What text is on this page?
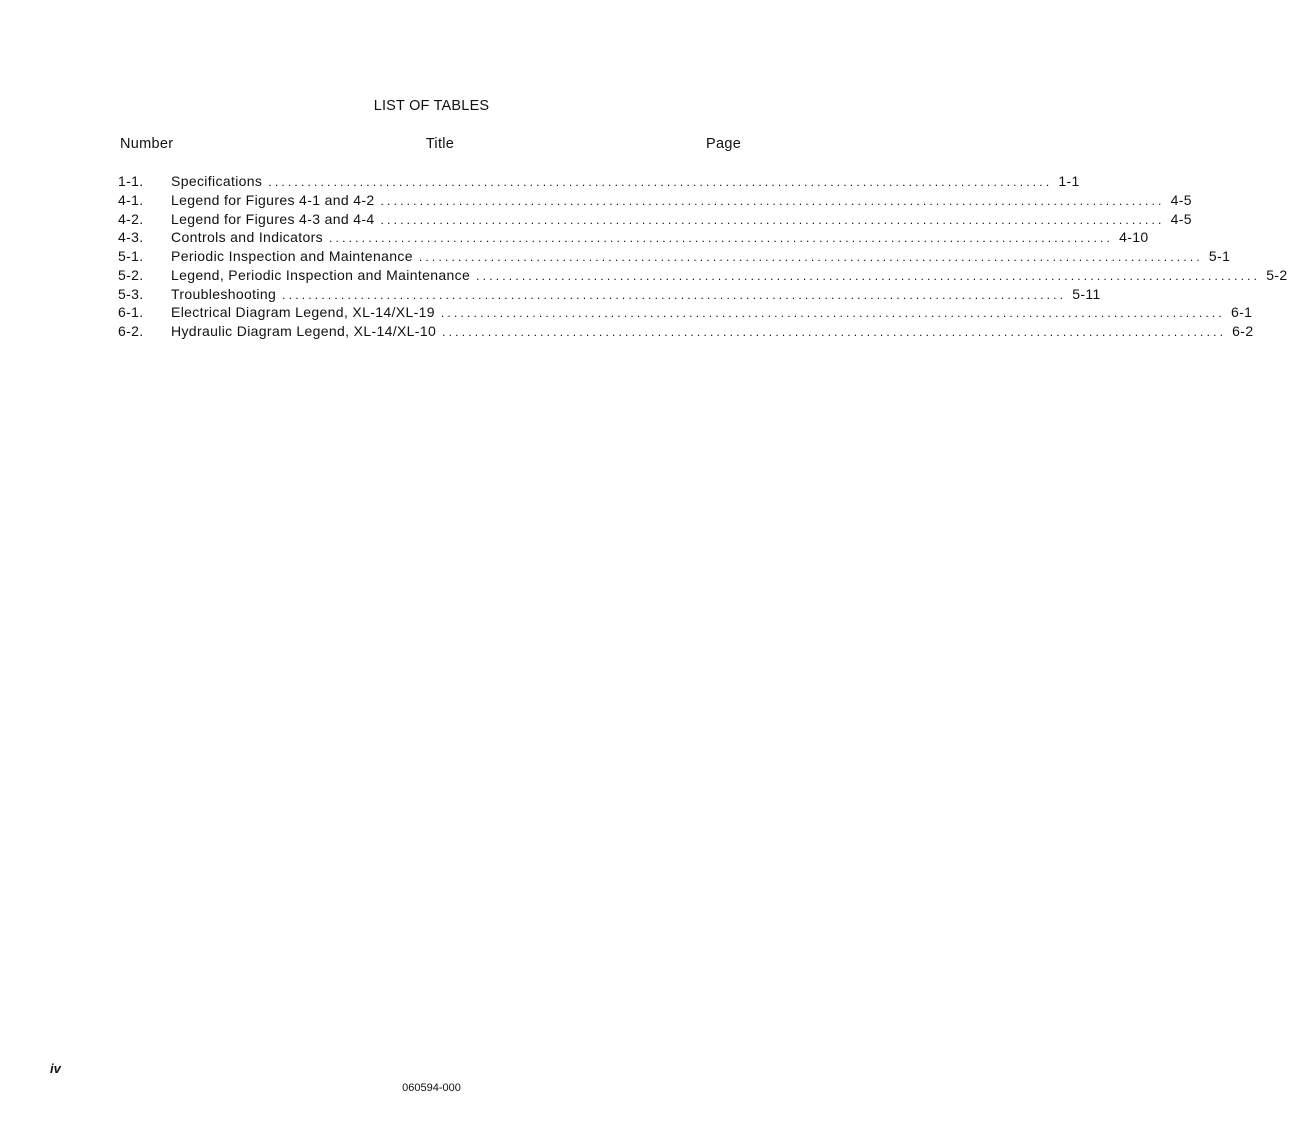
LIST OF TABLES
Number	Title	Page
1-1.	Specifications ........................................................................................................................ 1-1
4-1.	Legend for Figures 4-1 and 4-2 ........................................................................................................................ 4-5
4-2.	Legend for Figures 4-3 and 4-4 ........................................................................................................................ 4-5
4-3.	Controls and Indicators ........................................................................................................................ 4-10
5-1.	Periodic Inspection and Maintenance ........................................................................................................................ 5-1
5-2.	Legend, Periodic Inspection and Maintenance ........................................................................................................................ 5-2
5-3.	Troubleshooting ........................................................................................................................ 5-11
6-1.	Electrical Diagram Legend, XL-14/XL-19 ........................................................................................................................ 6-1
6-2.	Hydraulic Diagram Legend, XL-14/XL-10 ........................................................................................................................ 6-2
iv
060594-000
